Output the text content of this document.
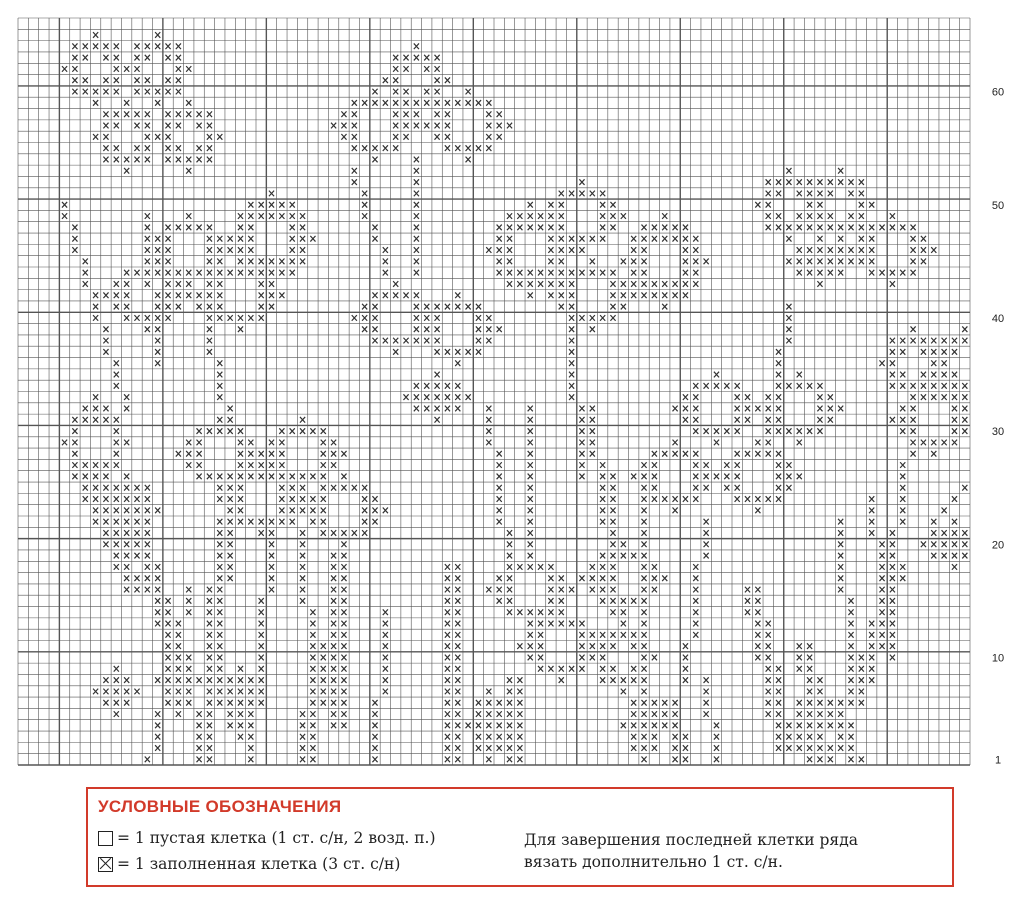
60
50
40
30
20
10
1
УСЛОВНЫЕ ОБОЗНАЧЕНИЯ
= 1 пустая клетка (1 ст. с/н, 2 возд. п.)
= 1 заполненная клетка (3 ст. с/н)
Для завершения последней клетки ряда
вязать дополнительно 1 ст. с/н.
